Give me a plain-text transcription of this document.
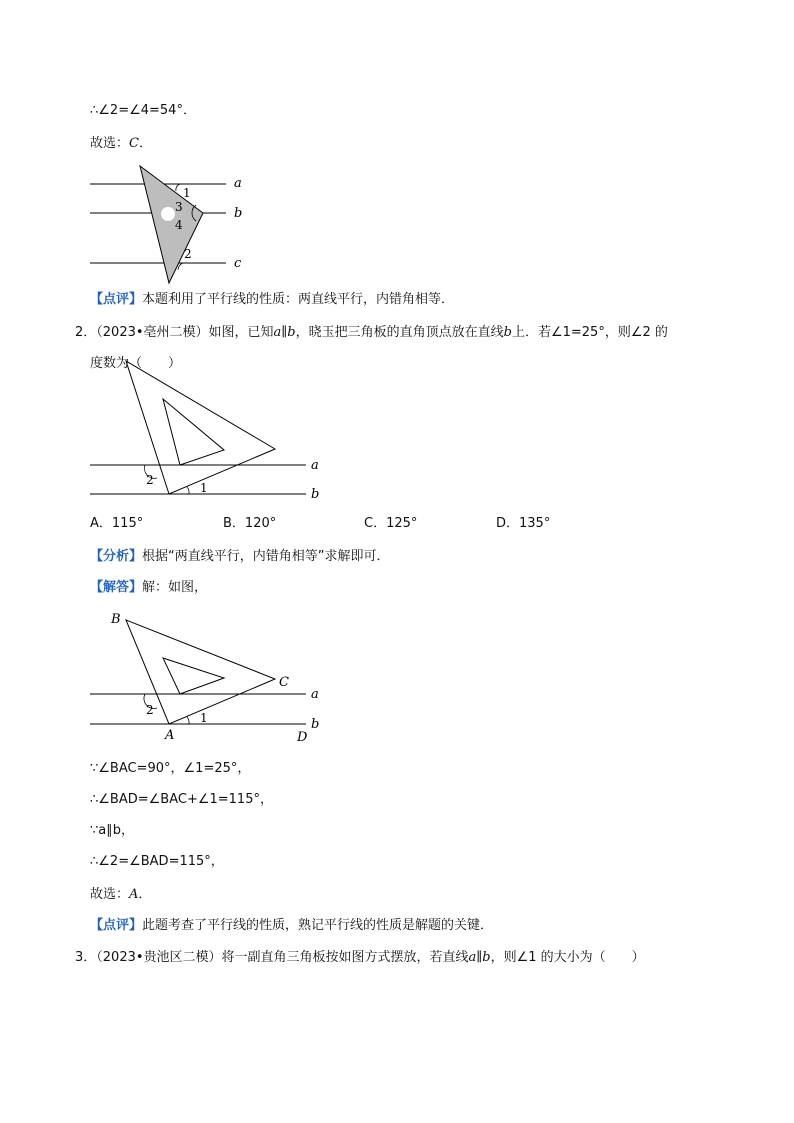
∴∠2=∠4=54°．
故选：C．
1
3
4
2
a
b
c
【点评】本题利用了平行线的性质：两直线平行，内错角相等．
2．（2023•亳州二模）如图，已知a∥b，晓玉把三角板的直角顶点放在直线b上．若∠1=25°，则∠2 的
度数为（　　）
2
1
a
b
A．115°	B．120°	C．125°	D．135°
【分析】根据“两直线平行，内错角相等”求解即可．
【解答】解：如图，
B
C
A	D
2
1
a
b
∵∠BAC=90°，∠1=25°，
∴∠BAD=∠BAC+∠1=115°，
∵a∥b，
∴∠2=∠BAD=115°，
故选：A．
【点评】此题考查了平行线的性质，熟记平行线的性质是解题的关键．
3．（2023•贵池区二模）将一副直角三角板按如图方式摆放，若直线a∥b，则∠1 的大小为（　　）
